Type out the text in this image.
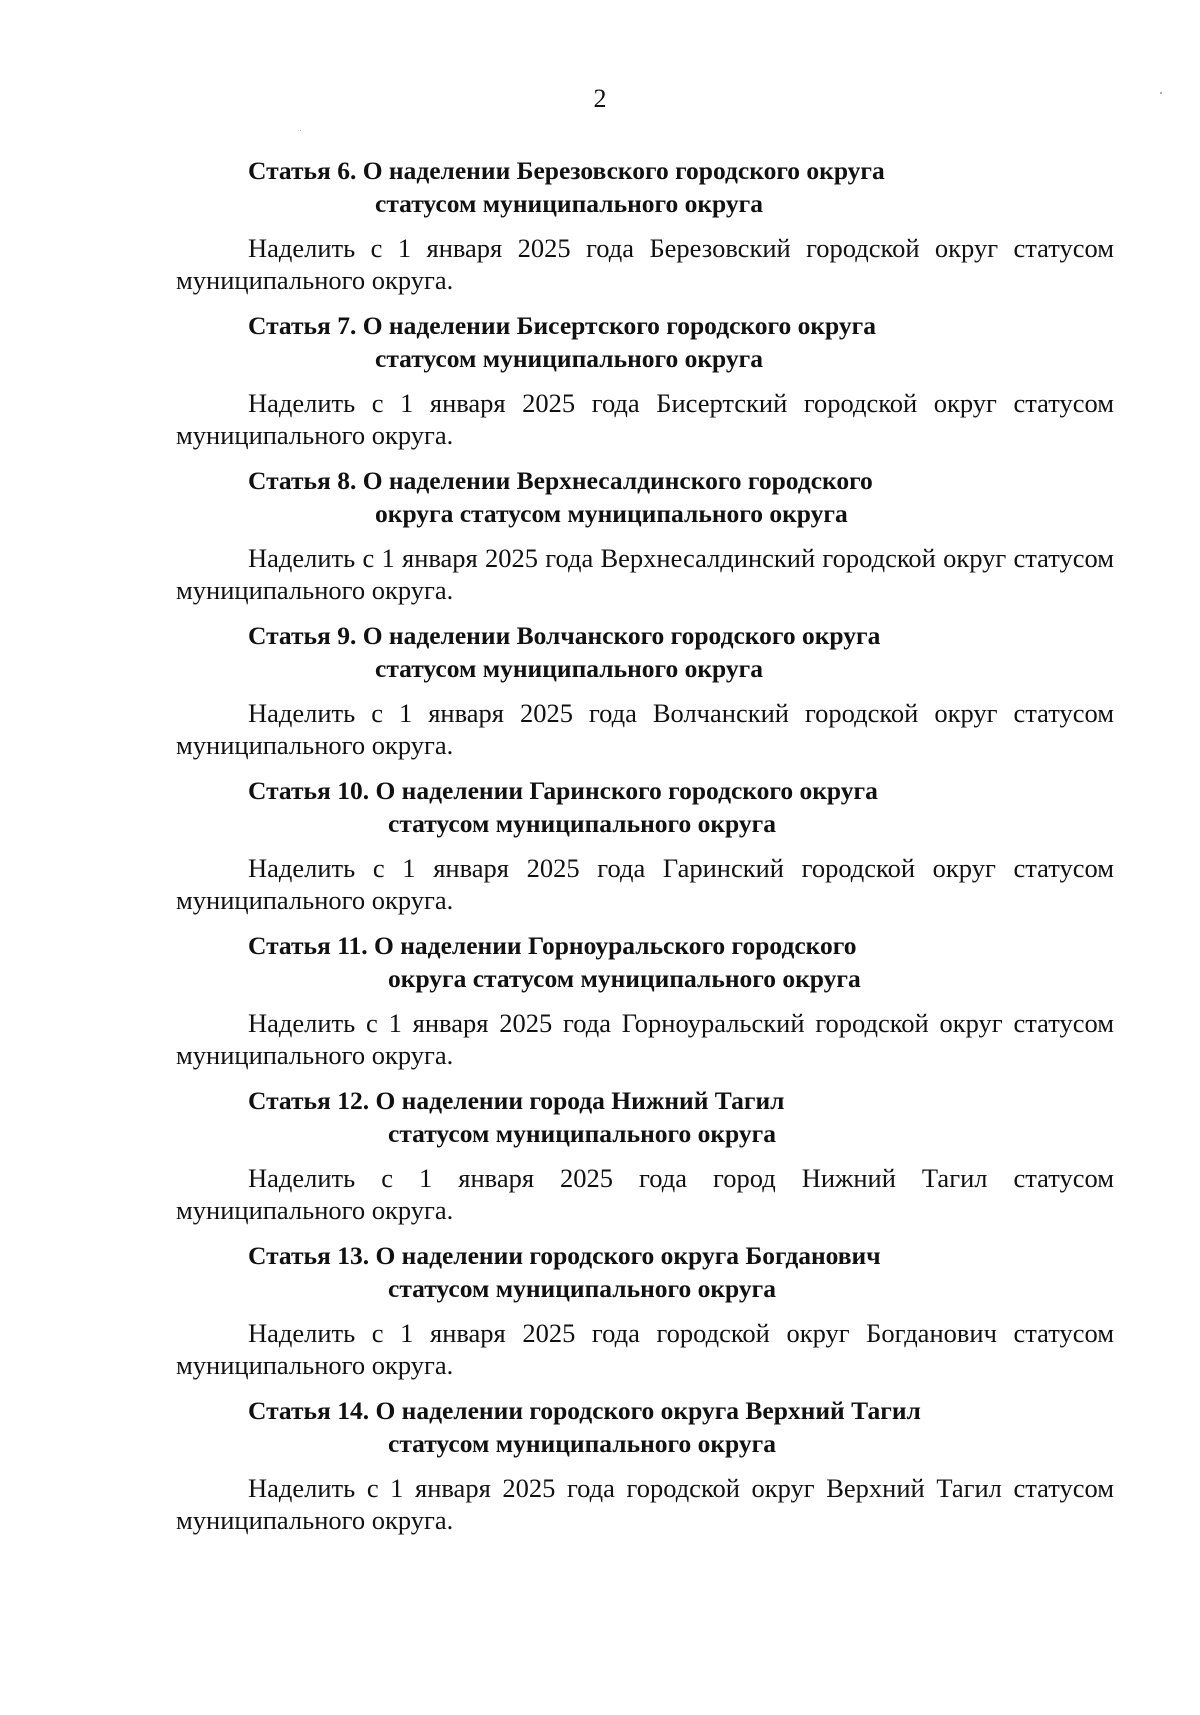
2
Статья 6. О наделении Березовского городского округа
статусом муниципального округа

Наделить с 1 января 2025 года Березовский городской округ статусом муниципального округа.

Статья 7. О наделении Бисертского городского округа
статусом муниципального округа

Наделить с 1 января 2025 года Бисертский городской округ статусом муниципального округа.

Статья 8. О наделении Верхнесалдинского городского
округа статусом муниципального округа

Наделить с 1 января 2025 года Верхнесалдинский городской округ статусом муниципального округа.

Статья 9. О наделении Волчанского городского округа
статусом муниципального округа

Наделить с 1 января 2025 года Волчанский городской округ статусом муниципального округа.

Статья 10. О наделении Гаринского городского округа
статусом муниципального округа

Наделить с 1 января 2025 года Гаринский городской округ статусом муниципального округа.

Статья 11. О наделении Горноуральского городского
округа статусом муниципального округа

Наделить с 1 января 2025 года Горноуральский городской округ статусом муниципального округа.

Статья 12. О наделении города Нижний Тагил
статусом муниципального округа

Наделить с 1 января 2025 года город Нижний Тагил статусом муниципального округа.

Статья 13. О наделении городского округа Богданович
статусом муниципального округа

Наделить с 1 января 2025 года городской округ Богданович статусом муниципального округа.

Статья 14. О наделении городского округа Верхний Тагил
статусом муниципального округа

Наделить с 1 января 2025 года городской округ Верхний Тагил статусом муниципального округа.
